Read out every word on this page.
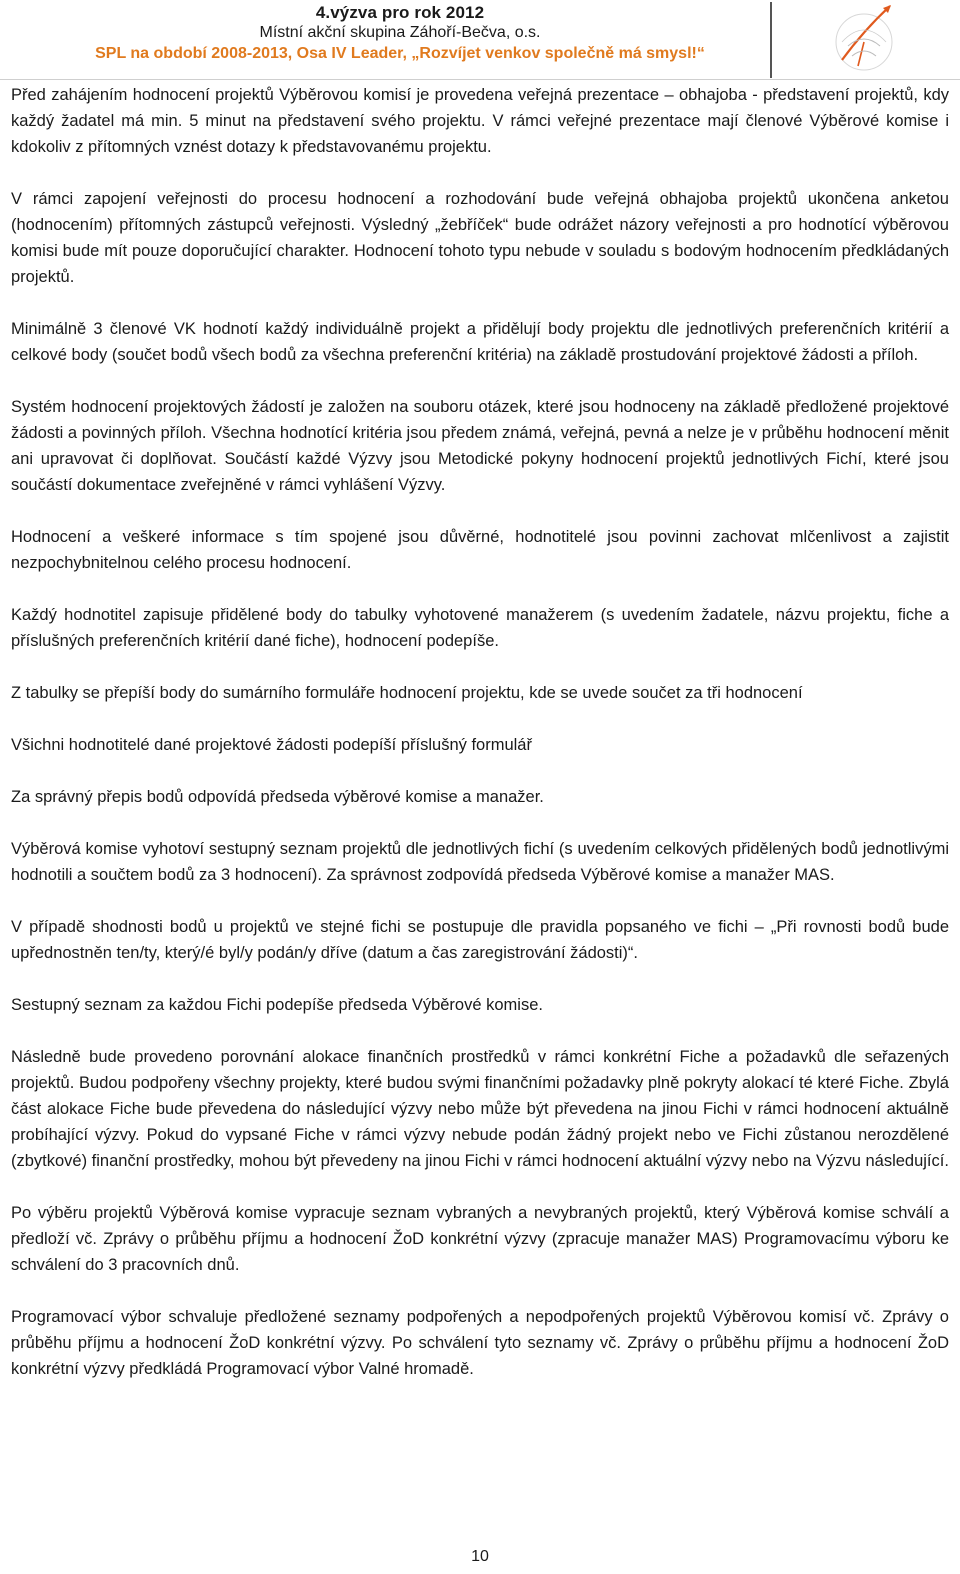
4.výzva pro rok 2012
Místní akční skupina Záhoří-Bečva, o.s.
SPL na období 2008-2013, Osa IV Leader, „Rozvíjet venkov společně má smysl!“

Před zahájením hodnocení projektů Výběrovou komisí je provedena veřejná prezentace – obhajoba - představení projektů, kdy každý žadatel má min. 5 minut na představení svého projektu. V rámci veřejné prezentace mají členové Výběrové komise i kdokoliv z přítomných vznést dotazy k představovanému projektu.

V rámci zapojení veřejnosti do procesu hodnocení a rozhodování bude veřejná obhajoba projektů ukončena anketou (hodnocením) přítomných zástupců veřejnosti. Výsledný „žebříček“ bude odrážet názory veřejnosti a pro hodnotící výběrovou komisi bude mít pouze doporučující charakter. Hodnocení tohoto typu nebude v souladu s bodovým hodnocením předkládaných projektů.

Minimálně 3 členové VK hodnotí každý individuálně projekt a přidělují body projektu dle jednotlivých preferenčních kritérií a celkové body (součet bodů všech bodů za všechna preferenční kritéria) na základě prostudování projektové žádosti a příloh.

Systém hodnocení projektových žádostí je založen na souboru otázek, které jsou hodnoceny na základě předložené projektové žádosti a povinných příloh. Všechna hodnotící kritéria jsou předem známá, veřejná, pevná a nelze je v průběhu hodnocení měnit ani upravovat či doplňovat. Součástí každé Výzvy jsou Metodické pokyny hodnocení projektů jednotlivých Fichí, které jsou součástí dokumentace zveřejněné v rámci vyhlášení Výzvy.

Hodnocení a veškeré informace s tím spojené jsou důvěrné, hodnotitelé jsou povinni zachovat mlčenlivost a zajistit nezpochybnitelnou celého procesu hodnocení.

Každý hodnotitel zapisuje přidělené body do tabulky vyhotovené manažerem (s uvedením žadatele, názvu projektu, fiche a příslušných preferenčních kritérií dané fiche), hodnocení podepíše.

Z tabulky se přepíší body do sumárního formuláře hodnocení projektu, kde se uvede součet za tři hodnocení

Všichni hodnotitelé dané projektové žádosti podepíší příslušný formulář

Za správný přepis bodů odpovídá předseda výběrové komise a manažer.

Výběrová komise vyhotoví sestupný seznam projektů dle jednotlivých fichí (s uvedením celkových přidělených bodů jednotlivými hodnotili a součtem bodů za 3 hodnocení). Za správnost zodpovídá předseda Výběrové komise a manažer MAS.

V případě shodnosti bodů u projektů ve stejné fichi se postupuje dle pravidla popsaného ve fichi – „Při rovnosti bodů bude upřednostněn ten/ty, který/é byl/y podán/y dříve (datum a čas zaregistrování žádosti)“.

Sestupný seznam za každou Fichi podepíše předseda Výběrové komise.

Následně bude provedeno porovnání alokace finančních prostředků v rámci konkrétní Fiche a požadavků dle seřazených projektů. Budou podpořeny všechny projekty, které budou svými finančními požadavky plně pokryty alokací té které Fiche. Zbylá část alokace Fiche bude převedena do následující výzvy nebo může být převedena na jinou Fichi v rámci hodnocení aktuálně probíhající výzvy. Pokud do vypsané Fiche v rámci výzvy nebude podán žádný projekt nebo ve Fichi zůstanou nerozdělené (zbytkové) finanční prostředky, mohou být převedeny na jinou Fichi v rámci hodnocení aktuální výzvy nebo na Výzvu následující.

Po výběru projektů Výběrová komise vypracuje seznam vybraných a nevybraných projektů, který Výběrová komise schválí a předloží vč. Zprávy o průběhu příjmu a hodnocení ŽoD konkrétní výzvy (zpracuje manažer MAS) Programovacímu výboru ke schválení do 3 pracovních dnů.

Programovací výbor schvaluje předložené seznamy podpořených a nepodpořených projektů Výběrovou komisí vč. Zprávy o průběhu příjmu a hodnocení ŽoD konkrétní výzvy. Po schválení tyto seznamy vč. Zprávy o průběhu příjmu a hodnocení ŽoD konkrétní výzvy předkládá Programovací výbor Valné hromadě.

10
